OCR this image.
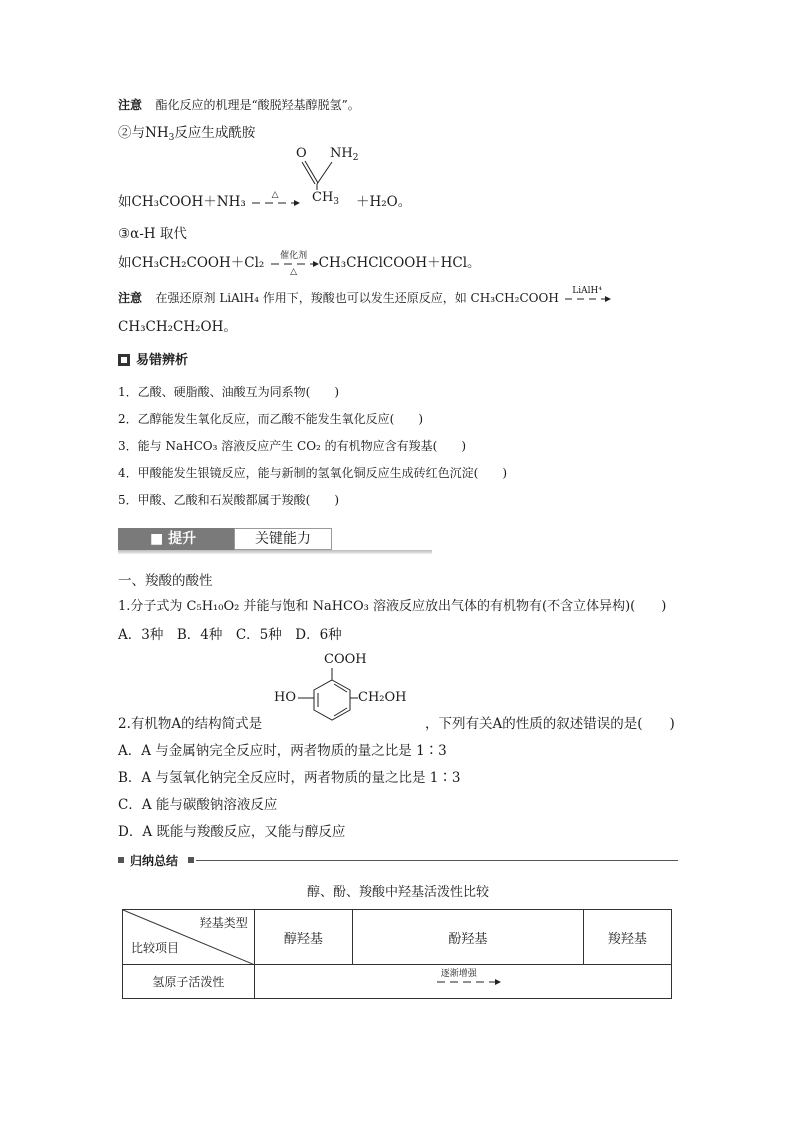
注意　 酯化反应的机理是“酸脱羟基醇脱氢”。
②与$NH_3$反应生成酰胺
O $NH_2$
$CH_3$
如CH₃COOH＋NH₃	△	＋H₂O。
③α-H 取代
如CH₃CH₂COOH＋Cl₂	催化剂
△
CH₃CHClCOOH＋HCl。
注意　 在强还原剂 LiAlH₄ 作用下，羧酸也可以发生还原反应，如 CH₃CH₂COOH
LiAlH⁴
CH₃CH₂CH₂OH。
易错辨析
1．乙酸、硬脂酸、油酸互为同系物(　　)
2．乙醇能发生氧化反应，而乙酸不能发生氧化反应(　　)
3．能与 NaHCO₃ 溶液反应产生 CO₂ 的有机物应含有羧基(　　)
4．甲酸能发生银镜反应，能与新制的氢氧化铜反应生成砖红色沉淀(　　)
5．甲酸、乙酸和石炭酸都属于羧酸(　　)
■ 提升	关键能力
一、羧酸的酸性
1.分子式为 C₅H₁₀O₂ 并能与饱和 NaHCO₃ 溶液反应放出气体的有机物有(不含立体异构)(　　)
A．3种　B．4种　C．5种　D．6种
COOH
HO	CH₂OH
2.有机物A的结构简式是	，下列有关A的性质的叙述错误的是(　　)
A．A 与金属钠完全反应时，两者物质的量之比是 1∶3
B．A 与氢氧化钠完全反应时，两者物质的量之比是 1∶3
C．A 能与碳酸钠溶液反应
D．A 既能与羧酸反应，又能与醇反应
归纳总结
醇、酚、羧酸中羟基活泼性比较
羟基类型
比较项目	醇羟基	酚羟基	羧羟基
氢原子活泼性	逐渐增强		
